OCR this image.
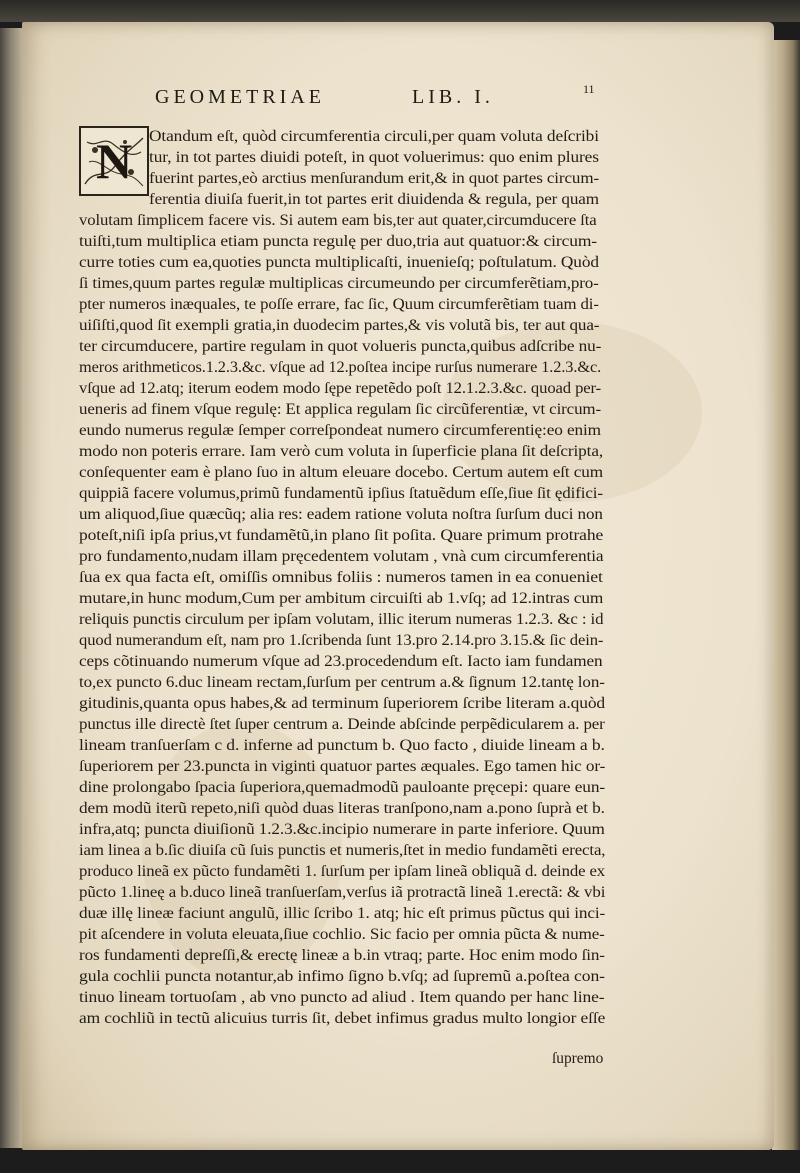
GEOMETRIAE	LIB. I.	11
N Otandum eſt, quòd circumferentia circuli,per quam voluta deſcribi
tur, in tot partes diuidi poteſt, in quot voluerimus: quo enim plures
fuerint partes,eò arctius menſurandum erit,& in quot partes circum-
ferentia diuiſa fuerit,in tot partes erit diuidenda & regula, per quam
volutam ſimplicem facere vis. Si autem eam bis,ter aut quater,circumducere ſta
tuiſti,tum multiplica etiam puncta regulę per duo,tria aut quatuor:& circum-
curre toties cum ea,quoties puncta multiplicaſti, inuenieſq; poſtulatum. Quòd
ſi times,quum partes regulæ multiplicas circumeundo per circumferẽtiam,pro-
pter numeros inæquales, te poſſe errare, fac ſic, Quum circumferẽtiam tuam di-
uiſiſti,quod ſit exempli gratia,in duodecim partes,& vis volutã bis, ter aut qua-
ter circumducere, partire regulam in quot volueris puncta,quibus adſcribe nu-
meros arithmeticos.1.2.3.&c. vſque ad 12.poſtea incipe rurſus numerare 1.2.3.&c.
vſque ad 12.atq; iterum eodem modo ſępe repetẽdo poſt 12.1.2.3.&c. quoad per-
ueneris ad finem vſque regulę: Et applica regulam ſic circũferentiæ, vt circum-
eundo numerus regulæ ſemper correſpondeat numero circumferentię:eo enim
modo non poteris errare. Iam verò cum voluta in ſuperficie plana ſit deſcripta,
conſequenter eam è plano ſuo in altum eleuare docebo. Certum autem eſt cum
quippiã facere volumus,primũ fundamentũ ipſius ſtatuẽdum eſſe,ſiue ſit ędifici-
um aliquod,ſiue quæcũq; alia res: eadem ratione voluta noſtra ſurſum duci non
poteſt,niſi ipſa prius,vt fundamẽtũ,in plano ſit poſita. Quare primum protrahe
pro fundamento,nudam illam pręcedentem volutam , vnà cum circumferentia
ſua ex qua facta eſt, omiſſis omnibus foliis : numeros tamen in ea conueniet
mutare,in hunc modum,Cum per ambitum circuiſti ab 1.vſq; ad 12.intras cum
reliquis punctis circulum per ipſam volutam, illic iterum numeras 1.2.3. &c : id
quod numerandum eſt, nam pro 1.ſcribenda ſunt 13.pro 2.14.pro 3.15.& ſic dein-
ceps cõtinuando numerum vſque ad 23.procedendum eſt. Iacto iam fundamen
to,ex puncto 6.duc lineam rectam,ſurſum per centrum a.& ſignum 12.tantę lon-
gitudinis,quanta opus habes,& ad terminum ſuperiorem ſcribe literam a.quòd
punctus ille directè ſtet ſuper centrum a. Deinde abſcinde perpẽdicularem a. per
lineam tranſuerſam c d. inferne ad punctum b. Quo facto , diuide lineam a b.
ſuperiorem per 23.puncta in viginti quatuor partes æquales. Ego tamen hic or-
dine prolongabo ſpacia ſuperiora,quemadmodũ pauloante pręcepi: quare eun-
dem modũ iterũ repeto,niſi quòd duas literas tranſpono,nam a.pono ſuprà et b.
infra,atq; puncta diuiſionũ 1.2.3.&c.incipio numerare in parte inferiore. Quum
iam linea a b.ſic diuiſa cũ ſuis punctis et numeris,ſtet in medio fundamẽti erecta,
produco lineã ex pũcto fundamẽti 1. ſurſum per ipſam lineã obliquã d. deinde ex
pũcto 1.lineę a b.duco lineã tranſuerſam,verſus iã protractã lineã 1.erectã: & vbi
duæ illę lineæ faciunt angulũ, illic ſcribo 1. atq; hic eſt primus pũctus qui inci-
pit aſcendere in voluta eleuata,ſiue cochlio. Sic facio per omnia pũcta & nume-
ros fundamenti depreſſi,& erectę lineæ a b.in vtraq; parte. Hoc enim modo ſin-
gula cochlii puncta notantur,ab infimo ſigno b.vſq; ad ſupremũ a.poſtea con-
tinuo lineam tortuoſam , ab vno puncto ad aliud . Item quando per hanc line-
am cochliũ in tectũ alicuius turris ſit, debet infimus gradus multo longior eſſe
ſupremo
